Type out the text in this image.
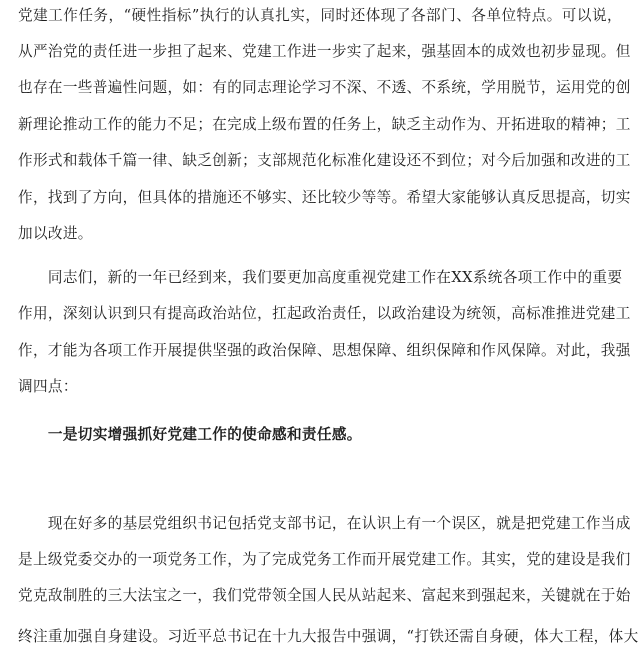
党建工作任务，“硬性指标”执行的认真扎实，同时还体现了各部门、各单位特点。可以说，
从严治党的责任进一步担了起来、党建工作进一步实了起来，强基固本的成效也初步显现。但
也存在一些普遍性问题，如：有的同志理论学习不深、不透、不系统，学用脱节，运用党的创
新理论推动工作的能力不足；在完成上级布置的任务上，缺乏主动作为、开拓进取的精神；工
作形式和载体千篇一律、缺乏创新；支部规范化标准化建设还不到位；对今后加强和改进的工
作，找到了方向，但具体的措施还不够实、还比较少等等。希望大家能够认真反思提高，切实
加以改进。
　　同志们，新的一年已经到来，我们要更加高度重视党建工作在XX系统各项工作中的重要
作用，深刻认识到只有提高政治站位，扛起政治责任，以政治建设为统领，高标准推进党建工
作，才能为各项工作开展提供坚强的政治保障、思想保障、组织保障和作风保障。对此，我强
调四点：
　　一是切实增强抓好党建工作的使命感和责任感。
　　现在好多的基层党组织书记包括党支部书记，在认识上有一个误区，就是把党建工作当成
是上级党委交办的一项党务工作，为了完成党务工作而开展党建工作。其实，党的建设是我们
党克敌制胜的三大法宝之一，我们党带领全国人民从站起来、富起来到强起来，关键就在于始
终注重加强自身建设。习近平总书记在十九大报告中强调，“打铁还需自身硬，体大工程，体大
